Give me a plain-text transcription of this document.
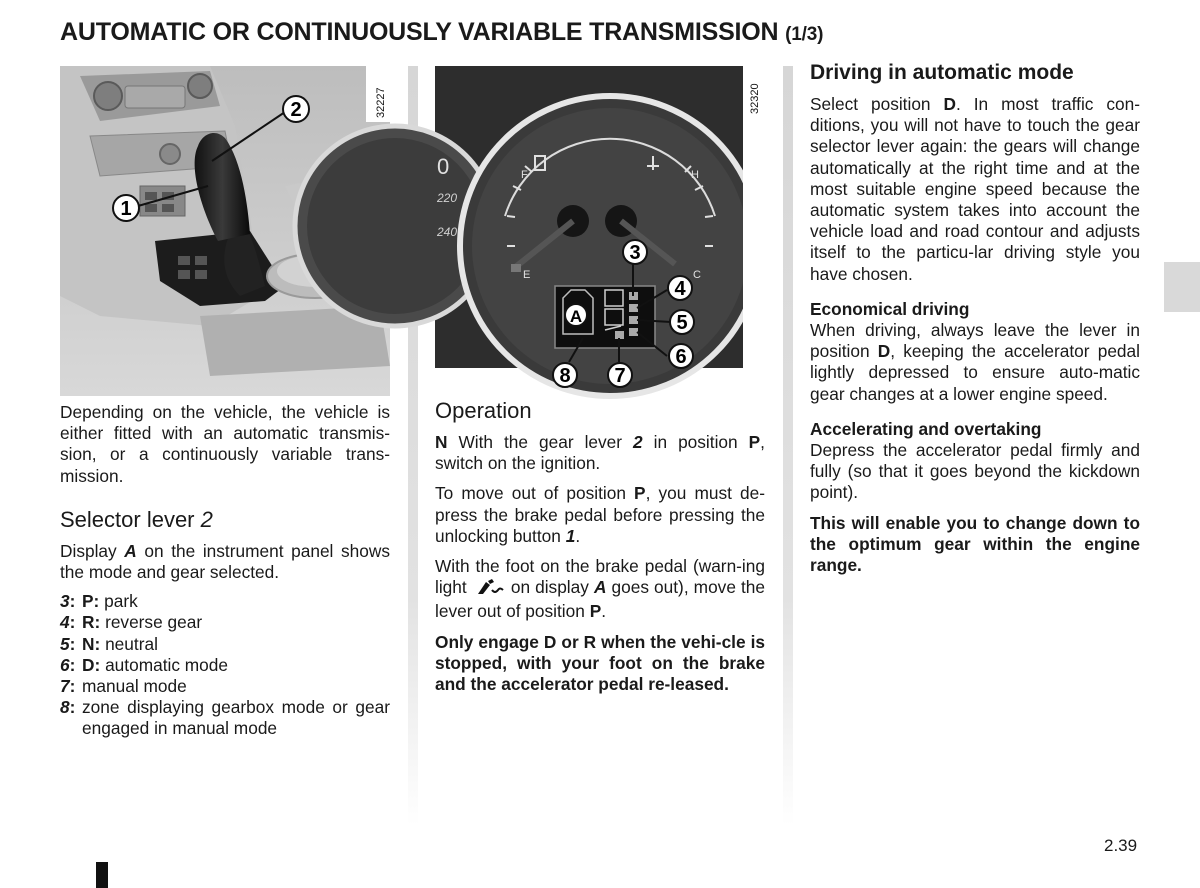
AUTOMATIC OR CONTINUOUSLY VARIABLE TRANSMISSION (1/3)
2
1
32227

Depending on the vehicle, the vehicle is either fitted with an automatic transmis-sion, or a continuously variable trans-mission.

Selector lever 2

Display A on the instrument panel shows the mode and gear selected.

3: P: park
4: R: reverse gear
5: N: neutral
6: D: automatic mode
7: manual mode
8: zone displaying gearbox mode or gear engaged in manual mode
0
220
240
F
E
H
C
3
4
5
6
7
8
A
32320
Operation

N With the gear lever 2 in position P, switch on the ignition.

To move out of position P, you must de-press the brake pedal before pressing the unlocking button 1.

With the foot on the brake pedal (warn-ing light	on display A goes out), move the lever out of position P.

Only engage D or R when the vehi-cle is stopped, with your foot on the brake and the accelerator pedal re-leased.

Driving in automatic mode

Select position D. In most traffic con-ditions, you will not have to touch the gear selector lever again: the gears will change automatically at the right time and at the most suitable engine speed because the automatic system takes into account the vehicle load and road contour and adjusts itself to the particu-lar driving style you have chosen.

Economical driving

When driving, always leave the lever in position D, keeping the accelerator pedal lightly depressed to ensure auto-matic gear changes at a lower engine speed.

Accelerating and overtaking

Depress the accelerator pedal firmly and fully (so that it goes beyond the kickdown point).

This will enable you to change down to the optimum gear within the engine range.

2.39
